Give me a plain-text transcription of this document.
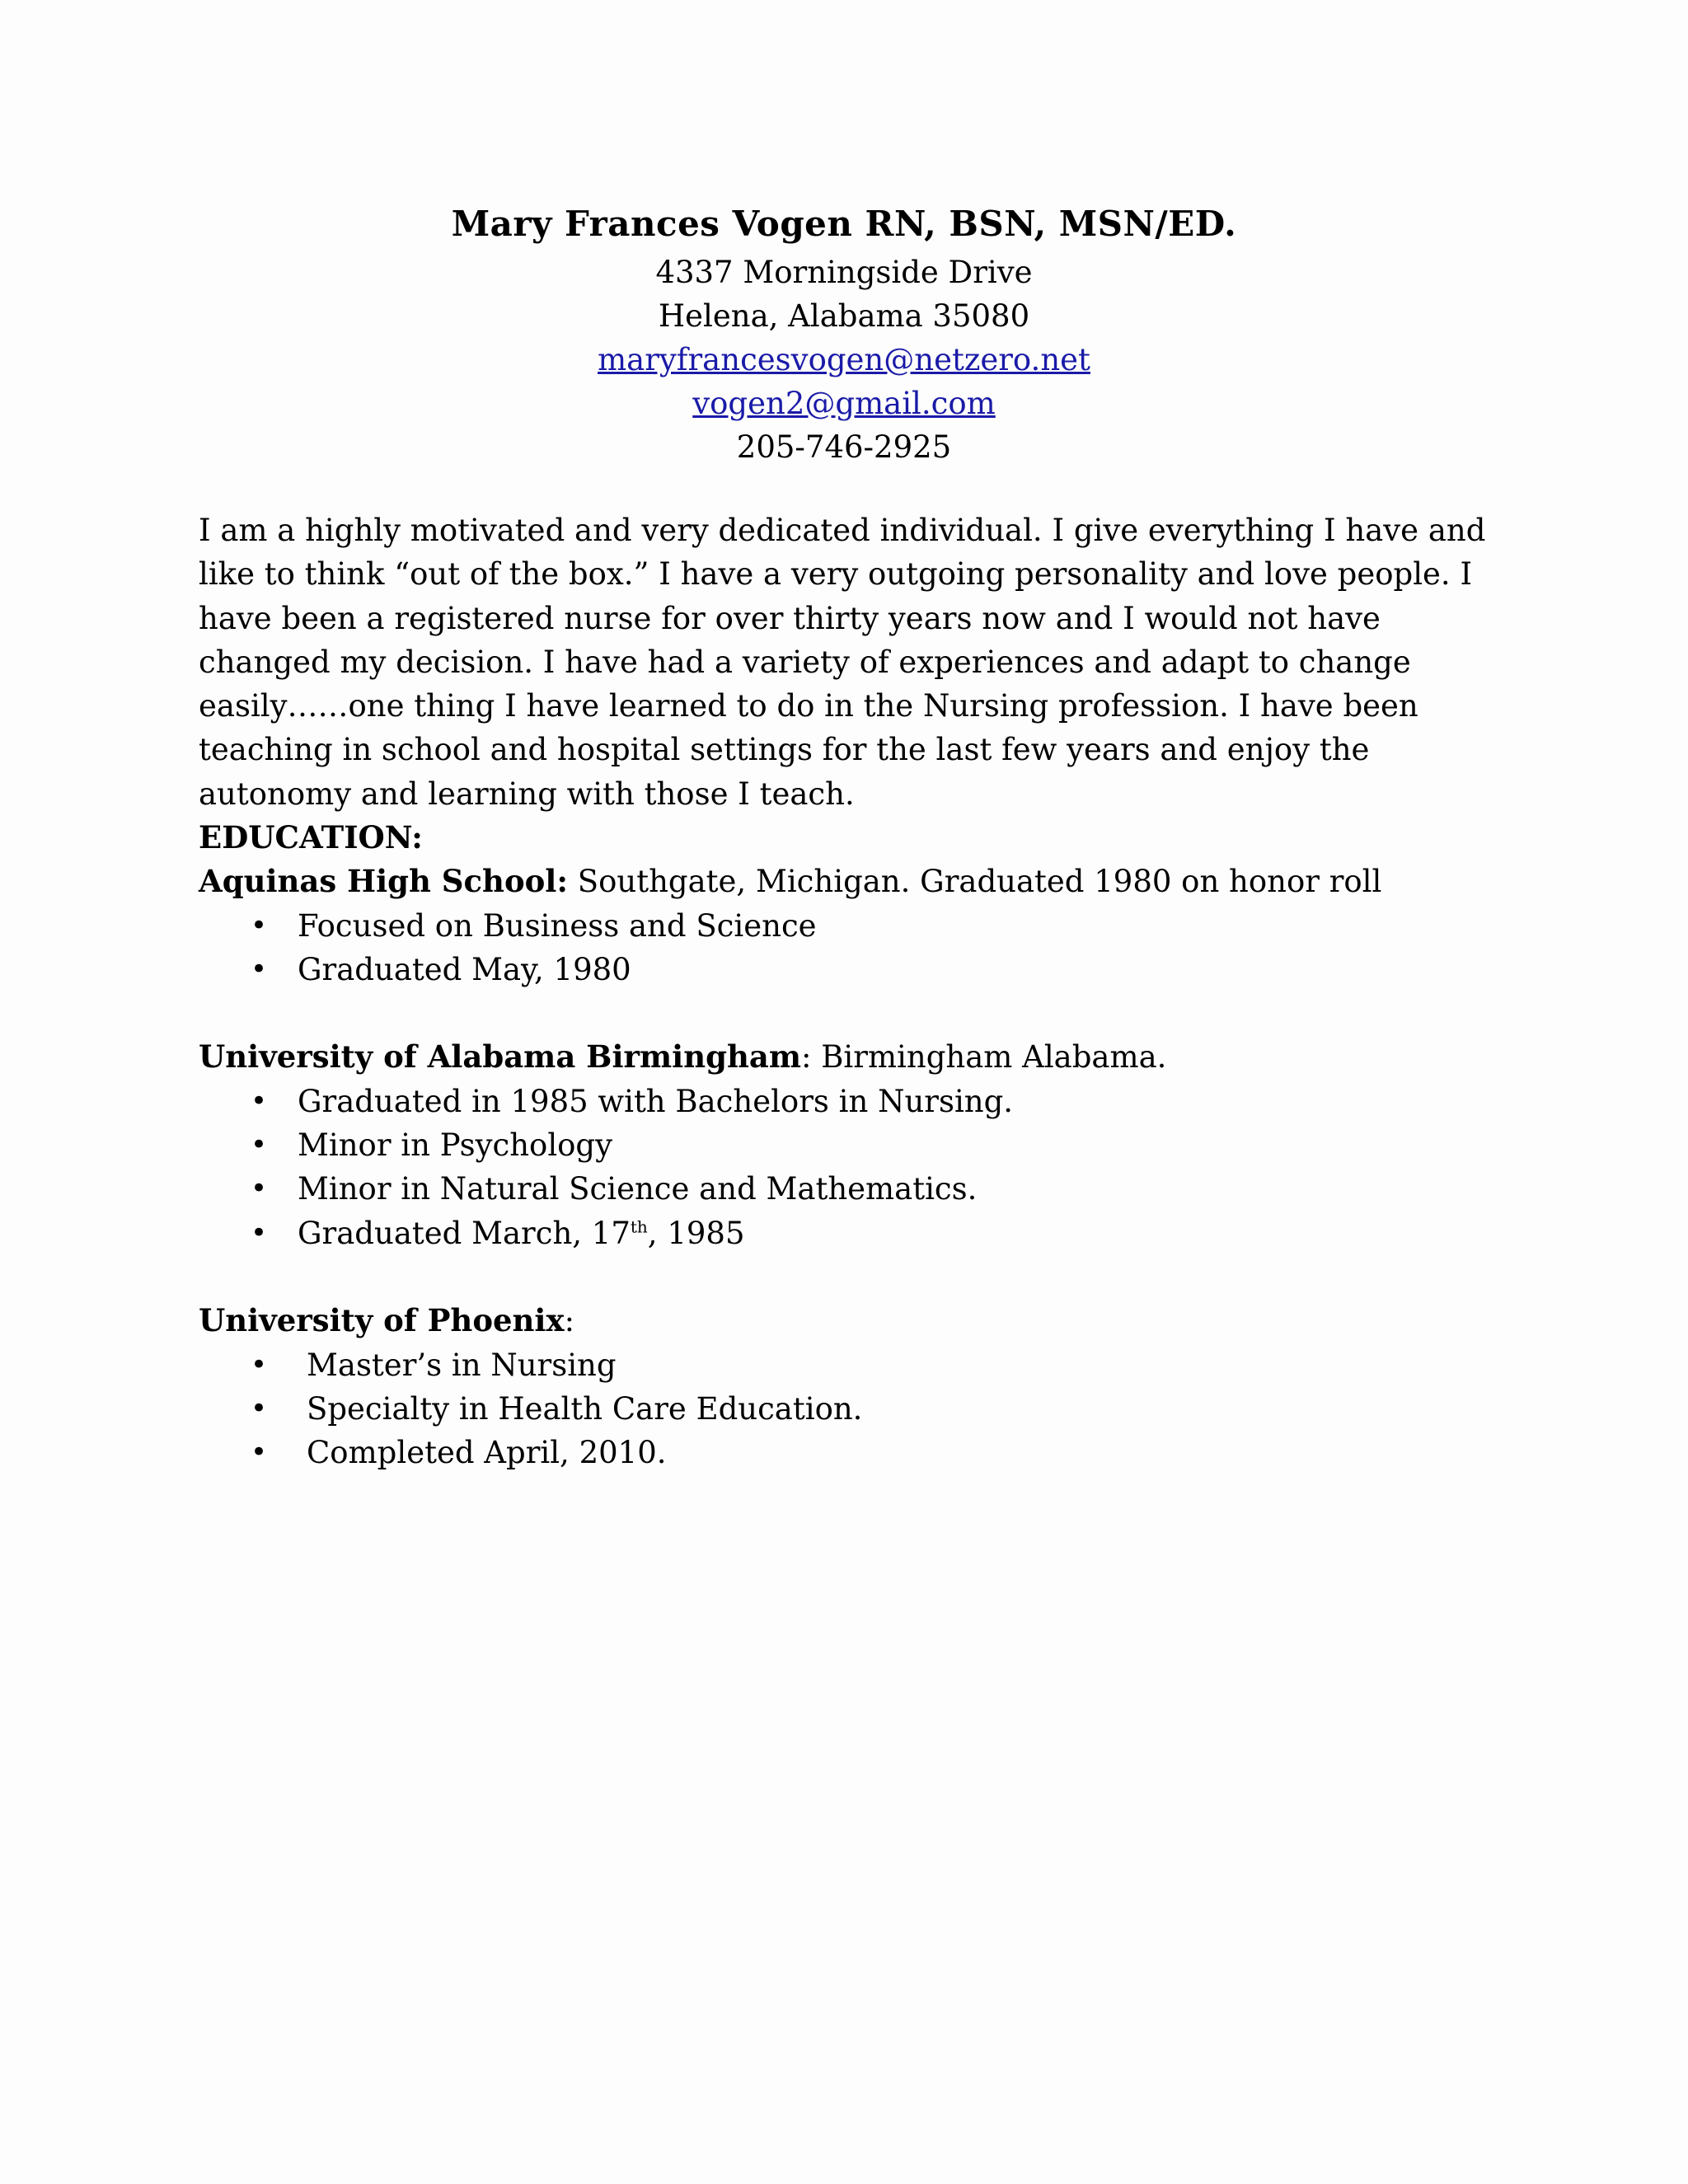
Mary Frances Vogen RN, BSN, MSN/ED.
4337 Morningside Drive
Helena, Alabama 35080
maryfrancesvogen@netzero.net
vogen2@gmail.com
205-746-2925
I am a highly motivated and very dedicated individual. I give everything I have and like to think “out of the box.” I have a very outgoing personality and love people. I have been a registered nurse for over thirty years now and I would not have changed my decision. I have had a variety of experiences and adapt to change easily……one thing I have learned to do in the Nursing profession. I have been teaching in school and hospital settings for the last few years and enjoy the autonomy and learning with those I teach.

EDUCATION:

Aquinas High School: Southgate, Michigan. Graduated 1980 on honor roll

• Focused on Business and Science
• Graduated May, 1980

University of Alabama Birmingham: Birmingham Alabama.

• Graduated in 1985 with Bachelors in Nursing.
• Minor in Psychology
• Minor in Natural Science and Mathematics.
• Graduated March, 17th, 1985

University of Phoenix:

• Master’s in Nursing
• Specialty in Health Care Education.
• Completed April, 2010.
